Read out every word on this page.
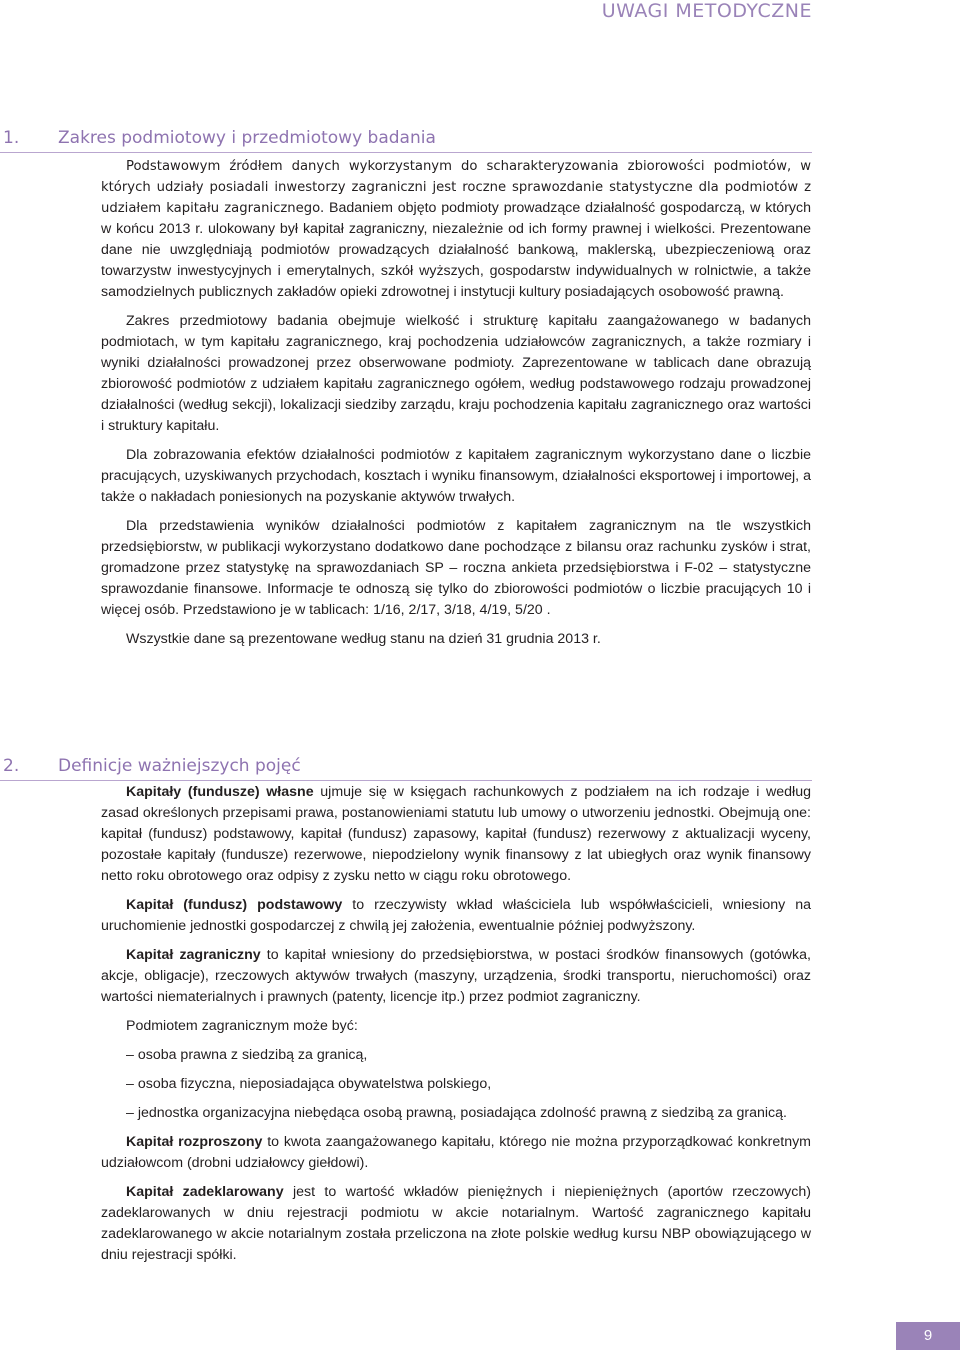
UWAGI METODYCZNE
1. Zakres podmiotowy i przedmiotowy badania

Podstawowym źródłem danych wykorzystanym do scharakteryzowania zbiorowości podmiotów, w których udziały posiadali inwestorzy zagraniczni jest roczne sprawozdanie statystyczne dla podmiotów z udziałem kapitału zagranicznego. Badaniem objęto podmioty prowadzące działalność gospodarczą, w których w końcu 2013 r. ulokowany był kapitał zagraniczny, niezależnie od ich formy prawnej i wielkości. Prezentowane dane nie uwzględniają podmiotów prowadzących działalność bankową, maklerską, ubezpieczeniową oraz towarzystw inwestycyjnych i emerytalnych, szkół wyższych, gospodarstw indywidualnych w rolnictwie, a także samodzielnych publicznych zakładów opieki zdrowotnej i instytucji kultury posiadających osobowość prawną.

Zakres przedmiotowy badania obejmuje wielkość i strukturę kapitału zaangażowanego w badanych podmiotach, w tym kapitału zagranicznego, kraj pochodzenia udziałowców zagranicznych, a także rozmiary i wyniki działalności prowadzonej przez obserwowane podmioty. Zaprezentowane w tablicach dane obrazują zbiorowość podmiotów z udziałem kapitału zagranicznego ogółem, według podstawowego rodzaju prowadzonej działalności (według sekcji), lokalizacji siedziby zarządu, kraju pochodzenia kapitału zagranicznego oraz wartości i struktury kapitału.

Dla zobrazowania efektów działalności podmiotów z kapitałem zagranicznym wykorzystano dane o liczbie pracujących, uzyskiwanych przychodach, kosztach i wyniku finansowym, działalności eksportowej i importowej, a także o nakładach poniesionych na pozyskanie aktywów trwałych.

Dla przedstawienia wyników działalności podmiotów z kapitałem zagranicznym na tle wszystkich przedsiębiorstw, w publikacji wykorzystano dodatkowo dane pochodzące z bilansu oraz rachunku zysków i strat, gromadzone przez statystykę na sprawozdaniach SP – roczna ankieta przedsiębiorstwa i F-02 – statystyczne sprawozdanie finansowe. Informacje te odnoszą się tylko do zbiorowości podmiotów o liczbie pracujących 10 i więcej osób. Przedstawiono je w tablicach: 1/16, 2/17, 3/18, 4/19, 5/20 .

Wszystkie dane są prezentowane według stanu na dzień 31 grudnia 2013 r.

2. Definicje ważniejszych pojęć

Kapitały (fundusze) własne ujmuje się w księgach rachunkowych z podziałem na ich rodzaje i według zasad określonych przepisami prawa, postanowieniami statutu lub umowy o utworzeniu jednostki. Obejmują one: kapitał (fundusz) podstawowy, kapitał (fundusz) zapasowy, kapitał (fundusz) rezerwowy z aktualizacji wyceny, pozostałe kapitały (fundusze) rezerwowe, niepodzielony wynik finansowy z lat ubiegłych oraz wynik finansowy netto roku obrotowego oraz odpisy z zysku netto w ciągu roku obrotowego.

Kapitał (fundusz) podstawowy to rzeczywisty wkład właściciela lub współwłaścicieli, wniesiony na uruchomienie jednostki gospodarczej z chwilą jej założenia, ewentualnie później podwyższony.

Kapitał zagraniczny to kapitał wniesiony do przedsiębiorstwa, w postaci środków finansowych (gotówka, akcje, obligacje), rzeczowych aktywów trwałych (maszyny, urządzenia, środki transportu, nieruchomości) oraz wartości niematerialnych i prawnych (patenty, licencje itp.) przez podmiot zagraniczny.

Podmiotem zagranicznym może być:

– osoba prawna z siedzibą za granicą,

– osoba fizyczna, nieposiadająca obywatelstwa polskiego,

– jednostka organizacyjna niebędąca osobą prawną, posiadająca zdolność prawną z siedzibą za granicą.

Kapitał rozproszony to kwota zaangażowanego kapitału, którego nie można przyporządkować konkretnym udziałowcom (drobni udziałowcy giełdowi).

Kapitał zadeklarowany jest to wartość wkładów pieniężnych i niepieniężnych (aportów rzeczowych) zadeklarowanych w dniu rejestracji podmiotu w akcie notarialnym. Wartość zagranicznego kapitału zadeklarowanego w akcie notarialnym została przeliczona na złote polskie według kursu NBP obowiązującego w dniu rejestracji spółki.

9
